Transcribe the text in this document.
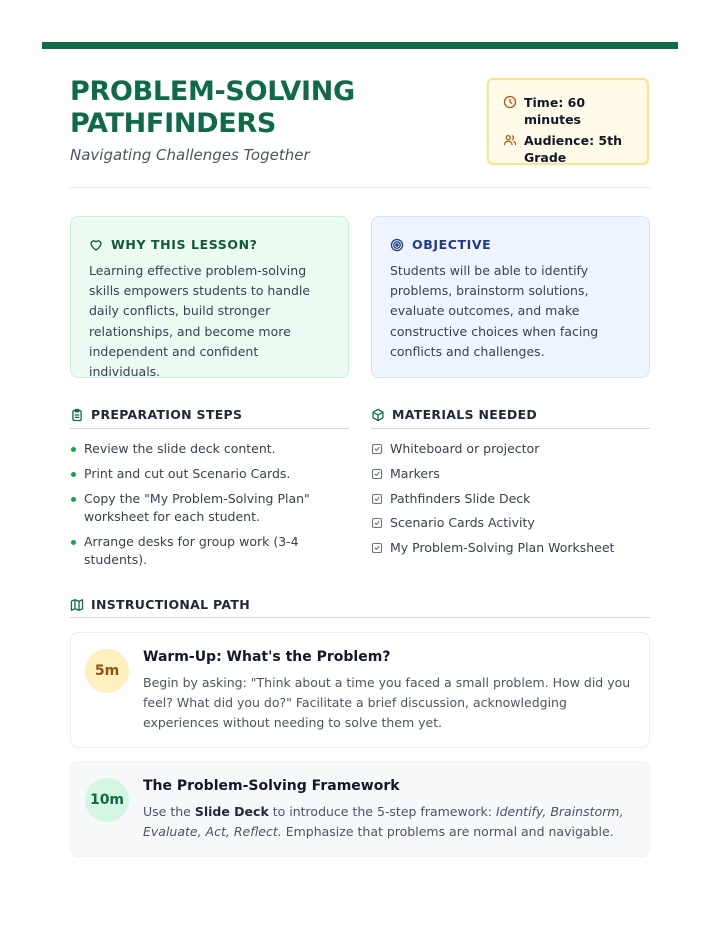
PROBLEM-SOLVING PATHFINDERS
Navigating Challenges Together
Time: 60 minutes
Audience: 5th Grade
WHY THIS LESSON?

Learning effective problem-solving skills empowers students to handle daily conflicts, build stronger relationships, and become more independent and confident individuals.

OBJECTIVE

Students will be able to identify problems, brainstorm solutions, evaluate outcomes, and make constructive choices when facing conflicts and challenges.

PREPARATION STEPS
Review the slide deck content.
Print and cut out Scenario Cards.
Copy the "My Problem-Solving Plan" worksheet for each student.
Arrange desks for group work (3-4 students).
MATERIALS NEEDED
Whiteboard or projector
Markers
Pathfinders Slide Deck
Scenario Cards Activity
My Problem-Solving Plan Worksheet
INSTRUCTIONAL PATH
5m
Warm-Up: What's the Problem?

Begin by asking: "Think about a time you faced a small problem. How did you feel? What did you do?" Facilitate a brief discussion, acknowledging experiences without needing to solve them yet.

10m
The Problem-Solving Framework

Use the Slide Deck to introduce the 5-step framework: Identify, Brainstorm, Evaluate, Act, Reflect. Emphasize that problems are normal and navigable.
